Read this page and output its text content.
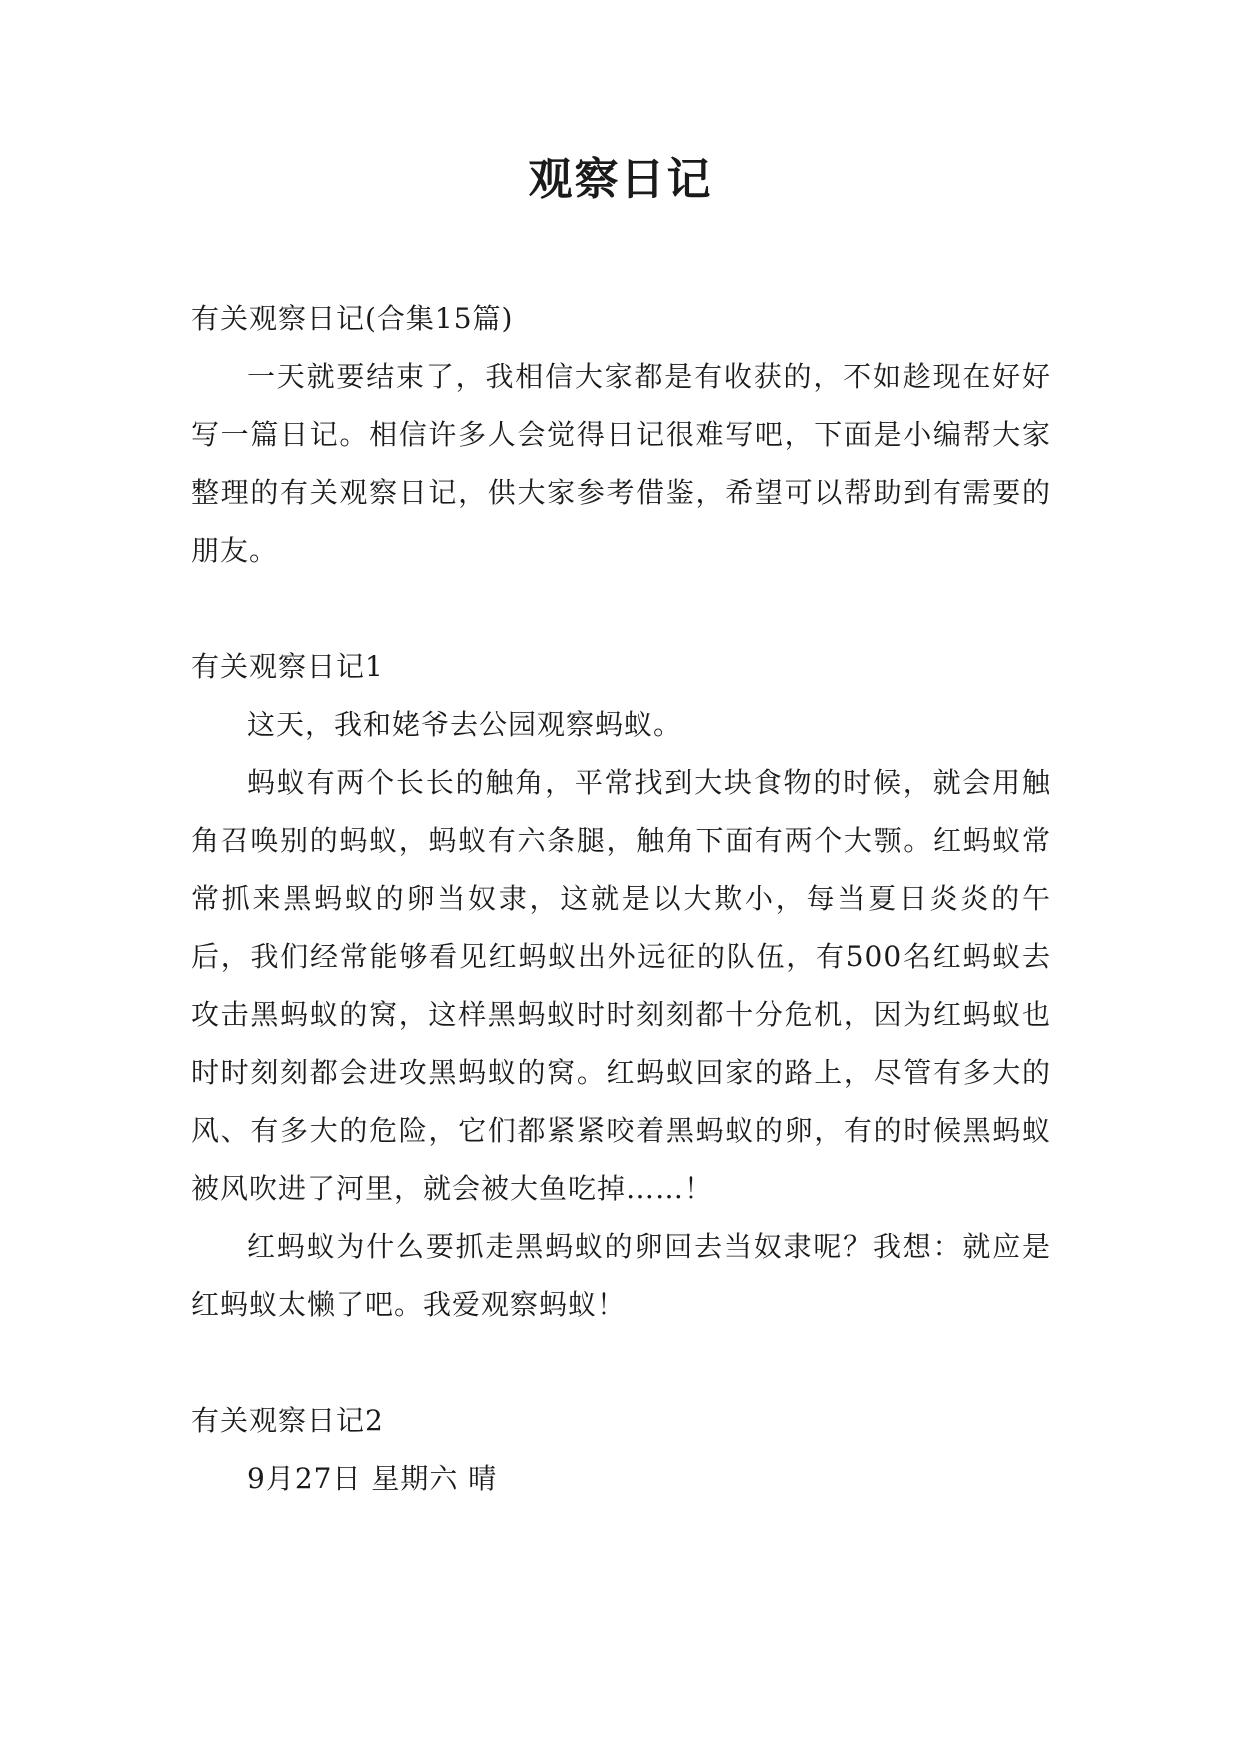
观察日记

有关观察日记(合集15篇)

一天就要结束了，我相信大家都是有收获的，不如趁现在好好写一篇日记。相信许多人会觉得日记很难写吧，下面是小编帮大家整理的有关观察日记，供大家参考借鉴，希望可以帮助到有需要的朋友。

有关观察日记1

这天，我和姥爷去公园观察蚂蚁。

蚂蚁有两个长长的触角，平常找到大块食物的时候，就会用触角召唤别的蚂蚁，蚂蚁有六条腿，触角下面有两个大颚。红蚂蚁常常抓来黑蚂蚁的卵当奴隶，这就是以大欺小，每当夏日炎炎的午后，我们经常能够看见红蚂蚁出外远征的队伍，有500名红蚂蚁去攻击黑蚂蚁的窝，这样黑蚂蚁时时刻刻都十分危机，因为红蚂蚁也时时刻刻都会进攻黑蚂蚁的窝。红蚂蚁回家的路上，尽管有多大的风、有多大的危险，它们都紧紧咬着黑蚂蚁的卵，有的时候黑蚂蚁被风吹进了河里，就会被大鱼吃掉……！

红蚂蚁为什么要抓走黑蚂蚁的卵回去当奴隶呢？我想：就应是红蚂蚁太懒了吧。我爱观察蚂蚁！

有关观察日记2

9月27日 星期六 晴
